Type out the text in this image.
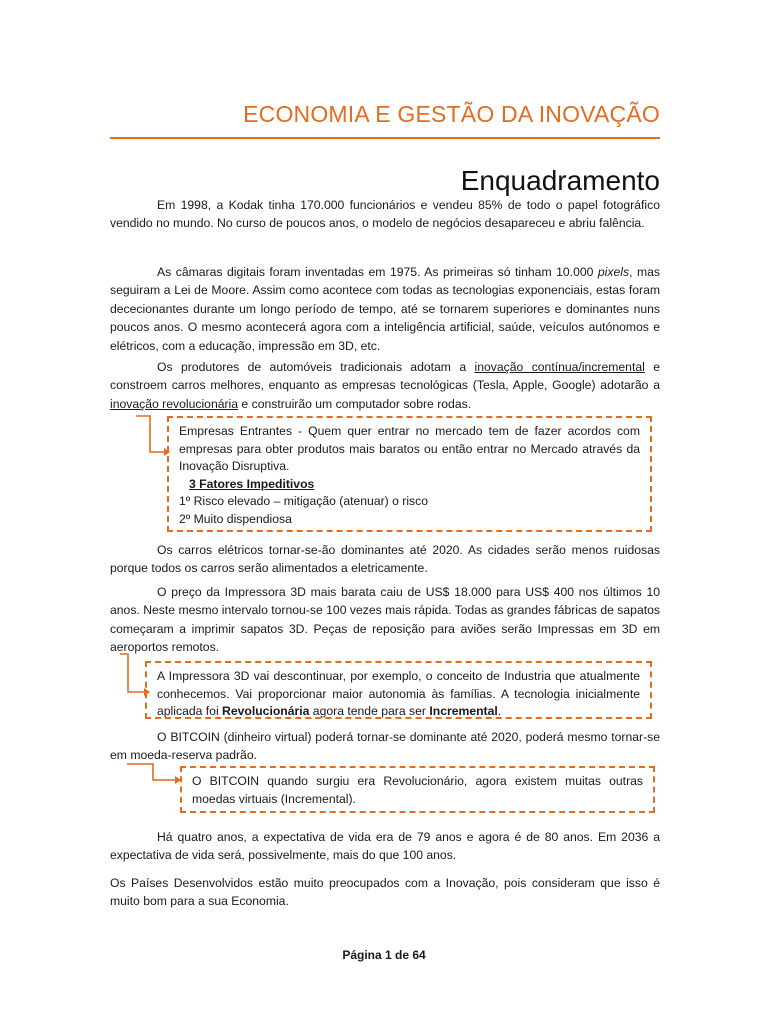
ECONOMIA E GESTÃO DA INOVAÇÃO
Enquadramento
Em 1998, a Kodak tinha 170.000 funcionários e vendeu 85% de todo o papel fotográfico vendido no mundo. No curso de poucos anos, o modelo de negócios desapareceu e abriu falência.
As câmaras digitais foram inventadas em 1975. As primeiras só tinham 10.000 pixels, mas seguiram a Lei de Moore. Assim como acontece com todas as tecnologias exponenciais, estas foram dececionantes durante um longo período de tempo, até se tornarem superiores e dominantes nuns poucos anos. O mesmo acontecerá agora com a inteligência artificial, saúde, veículos autónomos e elétricos, com a educação, impressão em 3D, etc.
Os produtores de automóveis tradicionais adotam a inovação contínua/incremental e constroem carros melhores, enquanto as empresas tecnológicas (Tesla, Apple, Google) adotarão a inovação revolucionária e construirão um computador sobre rodas.
Empresas Entrantes - Quem quer entrar no mercado tem de fazer acordos com empresas para obter produtos mais baratos ou então entrar no Mercado através da Inovação Disruptiva.
3 Fatores Impeditivos
1º Risco elevado – mitigação (atenuar) o risco
2º Muito dispendiosa
Os carros elétricos tornar-se-ão dominantes até 2020. As cidades serão menos ruidosas porque todos os carros serão alimentados a eletricamente.
O preço da Impressora 3D mais barata caiu de US$ 18.000 para US$ 400 nos últimos 10 anos. Neste mesmo intervalo tornou-se 100 vezes mais rápida. Todas as grandes fábricas de sapatos começaram a imprimir sapatos 3D. Peças de reposição para aviões serão Impressas em 3D em aeroportos remotos.
A Impressora 3D vai descontinuar, por exemplo, o conceito de Industria que atualmente conhecemos. Vai proporcionar maior autonomia às famílias. A tecnologia inicialmente aplicada foi Revolucionária agora tende para ser Incremental.
O BITCOIN (dinheiro virtual) poderá tornar-se dominante até 2020, poderá mesmo tornar-se em moeda-reserva padrão.
O BITCOIN quando surgiu era Revolucionário, agora existem muitas outras moedas virtuais (Incremental).
Há quatro anos, a expectativa de vida era de 79 anos e agora é de 80 anos. Em 2036 a expectativa de vida será, possivelmente, mais do que 100 anos.
Os Países Desenvolvidos estão muito preocupados com a Inovação, pois consideram que isso é muito bom para a sua Economia.
Página 1 de 64
